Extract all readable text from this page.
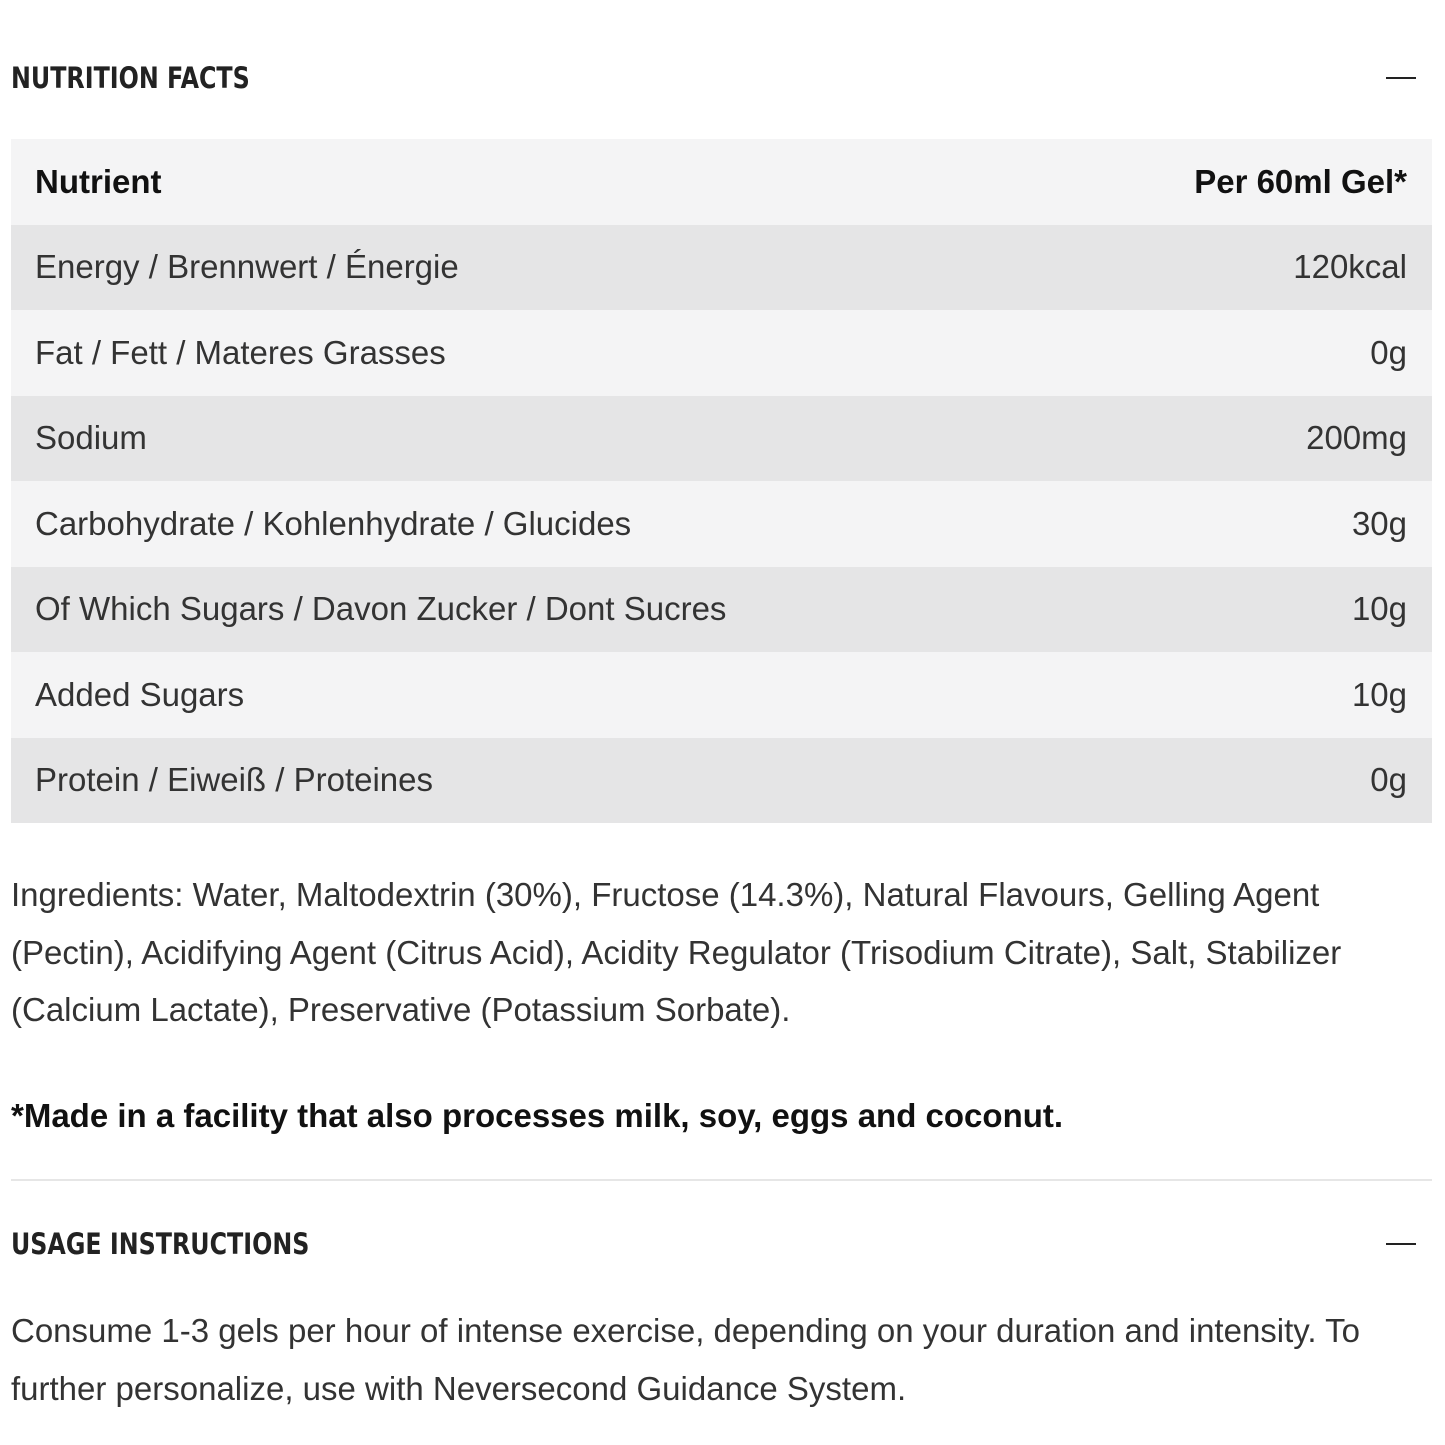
NUTRITION FACTS
Nutrient	Per 60ml Gel*
Energy / Brennwert / Énergie	120kcal
Fat / Fett / Materes Grasses	0g
Sodium	200mg
Carbohydrate / Kohlenhydrate / Glucides	30g
Of Which Sugars / Davon Zucker / Dont Sucres	10g
Added Sugars	10g
Protein / Eiweiß / Proteines	0g

Ingredients: Water, Maltodextrin (30%), Fructose (14.3%), Natural Flavours, Gelling Agent (Pectin), Acidifying Agent (Citrus Acid), Acidity Regulator (Trisodium Citrate), Salt, Stabilizer (Calcium Lactate), Preservative (Potassium Sorbate).

*Made in a facility that also processes milk, soy, eggs and coconut.

USAGE INSTRUCTIONS

Consume 1-3 gels per hour of intense exercise, depending on your duration and intensity. To further personalize, use with Neversecond Guidance System.
